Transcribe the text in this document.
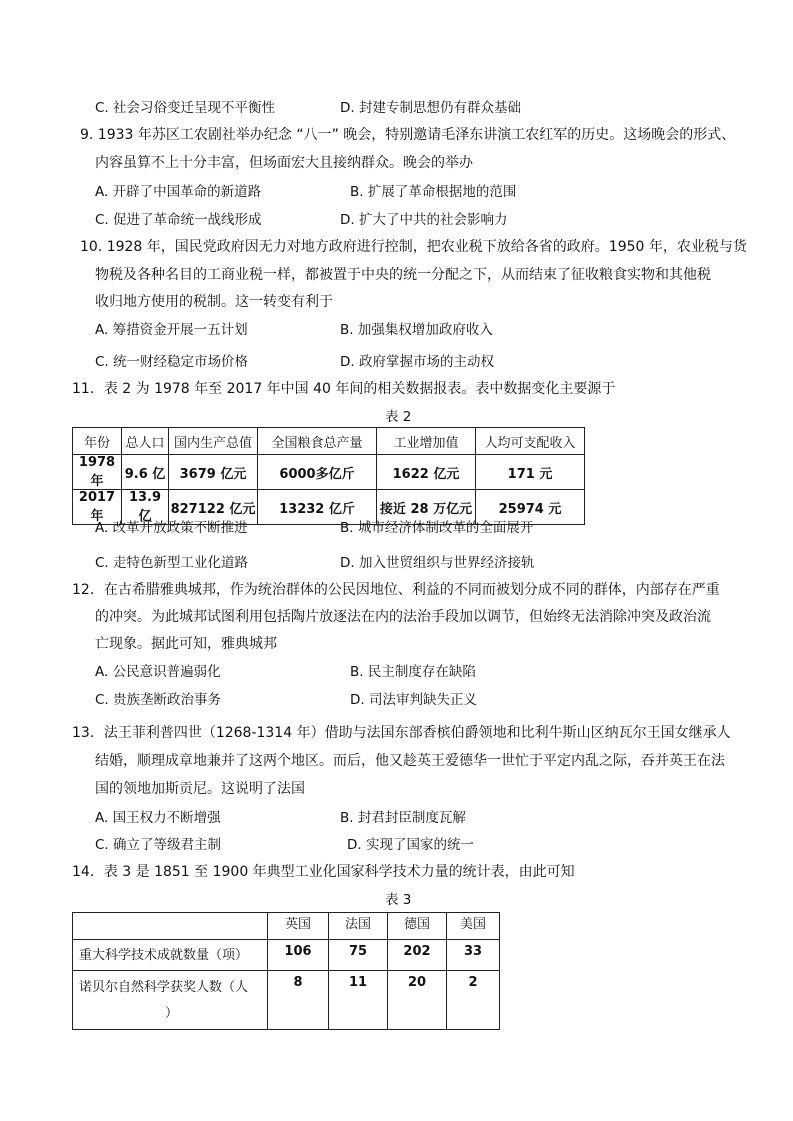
C. 社会习俗变迁呈现不平衡性	D. 封建专制思想仍有群众基础
9. 1933 年苏区工农剧社举办纪念 “八一” 晚会，特别邀请毛泽东讲演工农红军的历史。这场晚会的形式、
内容虽算不上十分丰富，但场面宏大且接纳群众。晚会的举办
A. 开辟了中国革命的新道路	B. 扩展了革命根据地的范围
C. 促进了革命统一战线形成	D. 扩大了中共的社会影响力
10. 1928 年，国民党政府因无力对地方政府进行控制，把农业税下放给各省的政府。1950 年，农业税与货
物税及各种名目的工商业税一样，都被置于中央的统一分配之下，从而结束了征收粮食实物和其他税
收归地方使用的税制。这一转变有利于
A. 筹措资金开展一五计划	B. 加强集权增加政府收入
C. 统一财经稳定市场价格	D. 政府掌握市场的主动权
11．表 2 为 1978 年至 2017 年中国 40 年间的相关数据报表。表中数据变化主要源于
表 2
年份	总人口	国内生产总值	全国粮食总产量	工业增加值	人均可支配收入
1978年	9.6 亿	3679 亿元	6000多亿斤	1622 亿元	171 元
2017年	13.9 亿	827122 亿元	13232 亿斤	接近 28 万亿元	25974 元
A. 改革开放政策不断推进	B. 城市经济体制改革的全面展开
C. 走特色新型工业化道路	D. 加入世贸组织与世界经济接轨
12．在古希腊雅典城邦，作为统治群体的公民因地位、利益的不同而被划分成不同的群体，内部存在严重
的冲突。为此城邦试图利用包括陶片放逐法在内的法治手段加以调节，但始终无法消除冲突及政治流
亡现象。据此可知，雅典城邦
A. 公民意识普遍弱化	B. 民主制度存在缺陷
C. 贵族垄断政治事务	D. 司法审判缺失正义
13．法王菲利普四世（1268-1314 年）借助与法国东部香槟伯爵领地和比利牛斯山区纳瓦尔王国女继承人
结婚，顺理成章地兼并了这两个地区。而后，他又趁英王爱德华一世忙于平定内乱之际，吞并英王在法
国的领地加斯贡尼。这说明了法国
A. 国王权力不断增强	B. 封君封臣制度瓦解
C. 确立了等级君主制	D. 实现了国家的统一
14．表 3 是 1851 至 1900 年典型工业化国家科学技术力量的统计表，由此可知
表 3
	英国	法国	德国	美国
重大科学技术成就数量（项）	106	75	202	33

诺贝尔自然科学获奖人数（人
）	8	11	20	2
